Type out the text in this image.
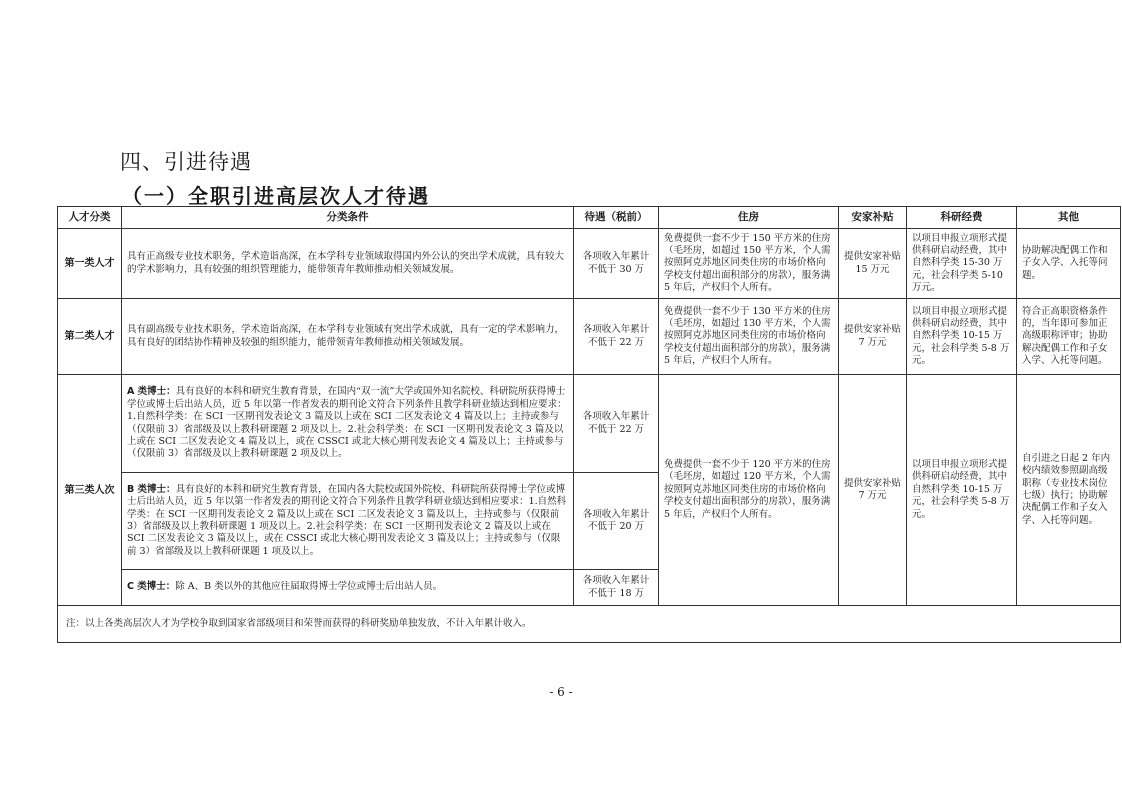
四、引进待遇
（一）全职引进高层次人才待遇
人才分类	分类条件	待遇（税前）	住房	安家补贴	科研经费	其他
第一类人才	具有正高级专业技术职务，学术造诣高深，在本学科专业领域取得国内外公认的突出学术成就，具有较大的学术影响力，具有较强的组织管理能力，能带领青年教师推动相关领域发展。	各项收入年累计不低于 30 万	免费提供一套不少于 150 平方米的住房（毛坯房，如超过 150 平方米，个人需按照阿克苏地区同类住房的市场价格向学校支付超出面积部分的房款），服务满 5 年后，产权归个人所有。	提供安家补贴 15 万元	以项目申报立项形式提供科研启动经费，其中自然科学类 15-30 万元，社会科学类 5-10 万元。	协助解决配偶工作和子女入学、入托等问题。
第二类人才	具有副高级专业技术职务，学术造诣高深，在本学科专业领域有突出学术成就，具有一定的学术影响力，具有良好的团结协作精神及较强的组织能力，能带领青年教师推动相关领域发展。	各项收入年累计不低于 22 万	免费提供一套不少于 130 平方米的住房（毛坯房，如超过 130 平方米，个人需按照阿克苏地区同类住房的市场价格向学校支付超出面积部分的房款），服务满 5 年后，产权归个人所有。	提供安家补贴 7 万元	以项目申报立项形式提供科研启动经费，其中自然科学类 10-15 万元，社会科学类 5-8 万元。	符合正高职资格条件的，当年即可参加正高级职称评审；协助解决配偶工作和子女入学、入托等问题。
第三类人次	A 类博士：具有良好的本科和研究生教育背景，在国内“双一流”大学或国外知名院校、科研院所获得博士学位或博士后出站人员，近 5 年以第一作者发表的期刊论文符合下列条件且教学科研业绩达到相应要求：1.自然科学类：在 SCI 一区期刊发表论文 3 篇及以上或在 SCI 二区发表论文 4 篇及以上；主持或参与（仅限前 3）省部级及以上教科研课题 2 项及以上。2.社会科学类：在 SCI 一区期刊发表论文 3 篇及以上或在 SCI 二区发表论文 4 篇及以上，或在 CSSCI 或北大核心期刊发表论文 4 篇及以上；主持或参与（仅限前 3）省部级及以上教科研课题 2 项及以上。	各项收入年累计不低于 22 万	免费提供一套不少于 120 平方米的住房（毛坯房，如超过 120 平方米，个人需按照阿克苏地区同类住房的市场价格向学校支付超出面积部分的房款），服务满 5 年后，产权归个人所有。	提供安家补贴 7 万元	以项目申报立项形式提供科研启动经费，其中自然科学类 10-15 万元，社会科学类 5-8 万元。	自引进之日起 2 年内校内绩效参照副高级职称（专业技术岗位七级）执行；协助解决配偶工作和子女入学、入托等问题。
	B 类博士：具有良好的本科和研究生教育背景，在国内各大院校或国外院校、科研院所获得博士学位或博士后出站人员，近 5 年以第一作者发表的期刊论文符合下列条件且教学科研业绩达到相应要求：1.自然科学类：在 SCI 一区期刊发表论文 2 篇及以上或在 SCI 二区发表论文 3 篇及以上，主持或参与（仅限前 3）省部级及以上教科研课题 1 项及以上。2.社会科学类：在 SCI 一区期刊发表论文 2 篇及以上或在 SCI 二区发表论文 3 篇及以上，或在 CSSCI 或北大核心期刊发表论文 3 篇及以上；主持或参与（仅限前 3）省部级及以上教科研课题 1 项及以上。	各项收入年累计不低于 20 万				
	C 类博士：除 A、B 类以外的其他应往届取得博士学位或博士后出站人员。	各项收入年累计不低于 18 万				
注：以上各类高层次人才为学校争取到国家省部级项目和荣誉而获得的科研奖励单独发放，不计入年累计收入。						
- 6 -
